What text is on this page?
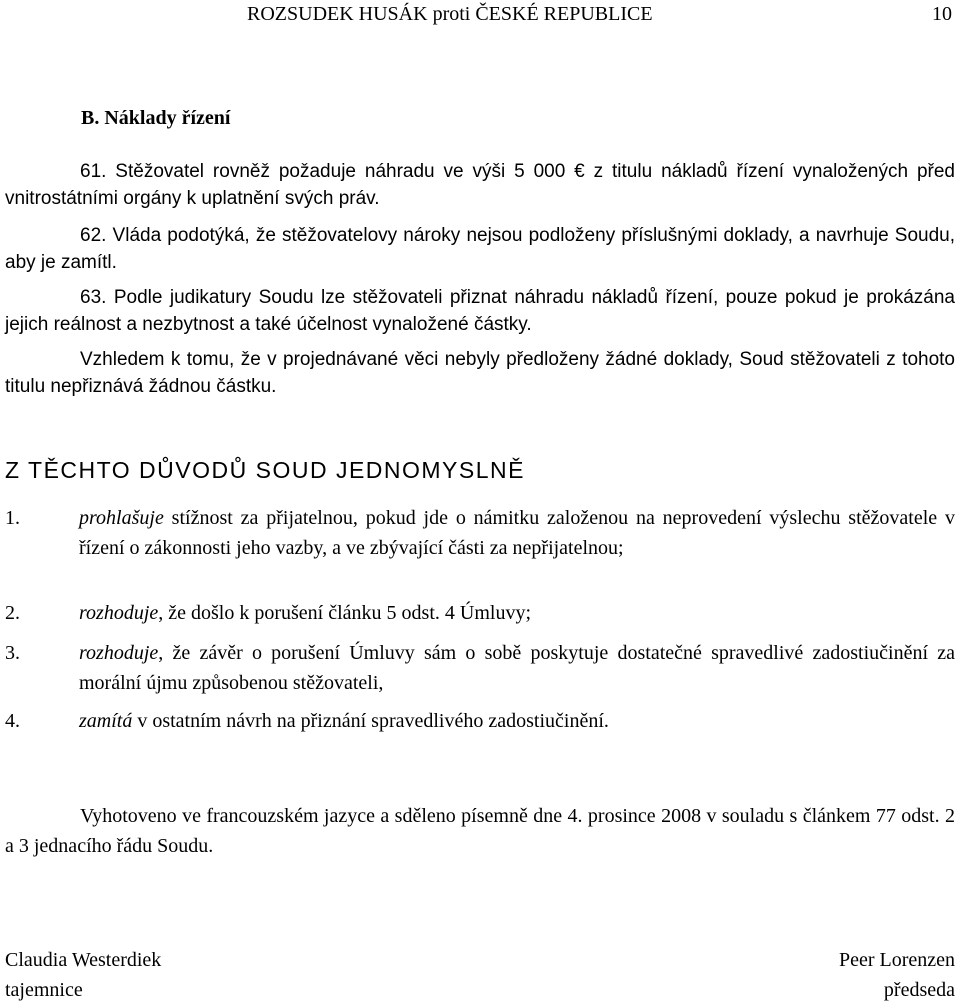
ROZSUDEK HUSÁK proti ČESKÉ REPUBLICE	10
B. Náklady řízení

61. Stěžovatel rovněž požaduje náhradu ve výši 5 000 € z titulu nákladů řízení vynaložených před vnitrostátními orgány k uplatnění svých práv.

62. Vláda podotýká, že stěžovatelovy nároky nejsou podloženy příslušnými doklady, a navrhuje Soudu, aby je zamítl.

63. Podle judikatury Soudu lze stěžovateli přiznat náhradu nákladů řízení, pouze pokud je prokázána jejich reálnost a nezbytnost a také účelnost vynaložené částky.

Vzhledem k tomu, že v projednávané věci nebyly předloženy žádné doklady, Soud stěžovateli z tohoto titulu nepřiznává žádnou částku.

Z TĚCHTO DŮVODŮ SOUD JEDNOMYSLNĚ
1.	prohlašuje stížnost za přijatelnou, pokud jde o námitku založenou na neprovedení výslechu stěžovatele v řízení o zákonnosti jeho vazby, a ve zbývající části za nepřijatelnou;
2.	rozhoduje, že došlo k porušení článku 5 odst. 4 Úmluvy;
3.	rozhoduje, že závěr o porušení Úmluvy sám o sobě poskytuje dostatečné spravedlivé zadostiučinění za morální újmu způsobenou stěžovateli,
4.	zamítá v ostatním návrh na přiznání spravedlivého zadostiučinění.

Vyhotoveno ve francouzském jazyce a sděleno písemně dne 4. prosince 2008 v souladu s článkem 77 odst. 2 a 3 jednacího řádu Soudu.

Claudia Westerdiek
tajemnice
Peer Lorenzen
předseda
